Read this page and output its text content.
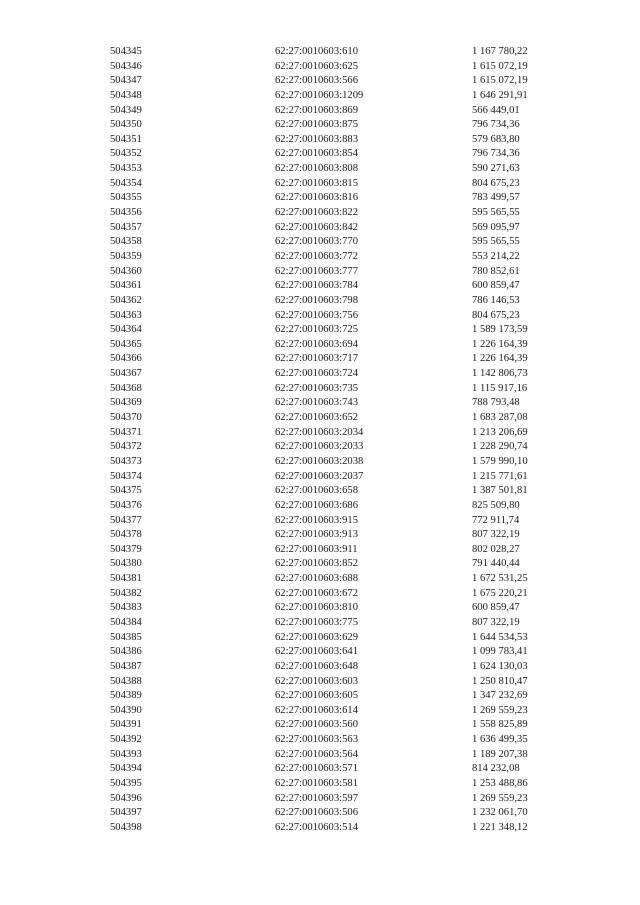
504345	62:27:0010603:610	1 167 780,22
504346	62:27:0010603:625	1 615 072,19
504347	62:27:0010603:566	1 615 072,19
504348	62:27:0010603:1209	1 646 291,91
504349	62:27:0010603:869	566 449,01
504350	62:27:0010603:875	796 734,36
504351	62:27:0010603:883	579 683,80
504352	62:27:0010603:854	796 734,36
504353	62:27:0010603:808	590 271,63
504354	62:27:0010603:815	804 675,23
504355	62:27:0010603:816	783 499,57
504356	62:27:0010603:822	595 565,55
504357	62:27:0010603:842	569 095,97
504358	62:27:0010603:770	595 565,55
504359	62:27:0010603:772	553 214,22
504360	62:27:0010603:777	780 852,61
504361	62:27:0010603:784	600 859,47
504362	62:27:0010603:798	786 146,53
504363	62:27:0010603:756	804 675,23
504364	62:27:0010603:725	1 589 173,59
504365	62:27:0010603:694	1 226 164,39
504366	62:27:0010603:717	1 226 164,39
504367	62:27:0010603:724	1 142 806,73
504368	62:27:0010603:735	1 115 917,16
504369	62:27:0010603:743	788 793,48
504370	62:27:0010603:652	1 683 287,08
504371	62:27:0010603:2034	1 213 206,69
504372	62:27:0010603:2033	1 228 290,74
504373	62:27:0010603:2038	1 579 990,10
504374	62:27:0010603:2037	1 215 771,61
504375	62:27:0010603:658	1 387 501,81
504376	62:27:0010603:686	825 509,80
504377	62:27:0010603:915	772 911,74
504378	62:27:0010603:913	807 322,19
504379	62:27:0010603:911	802 028,27
504380	62:27:0010603:852	791 440,44
504381	62:27:0010603:688	1 672 531,25
504382	62:27:0010603:672	1 675 220,21
504383	62:27:0010603:810	600 859,47
504384	62:27:0010603:775	807 322,19
504385	62:27:0010603:629	1 644 534,53
504386	62:27:0010603:641	1 099 783,41
504387	62:27:0010603:648	1 624 130,03
504388	62:27:0010603:603	1 250 810,47
504389	62:27:0010603:605	1 347 232,69
504390	62:27:0010603:614	1 269 559,23
504391	62:27:0010603:560	1 558 825,89
504392	62:27:0010603:563	1 636 499,35
504393	62:27:0010603:564	1 189 207,38
504394	62:27:0010603:571	814 232,08
504395	62:27:0010603:581	1 253 488,86
504396	62:27:0010603:597	1 269 559,23
504397	62:27:0010603:506	1 232 061,70
504398	62:27:0010603:514	1 221 348,12
